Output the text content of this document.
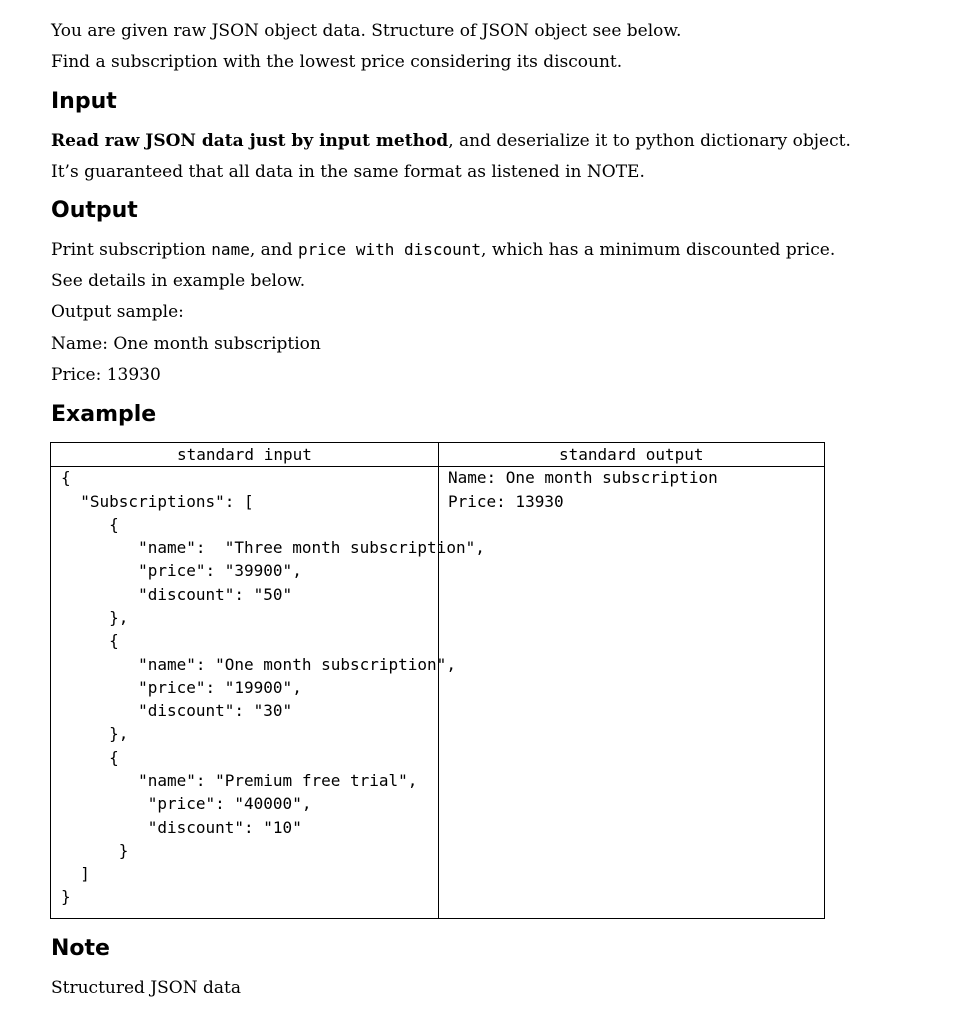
You are given raw JSON object data. Structure of JSON object see below.

Find a subscription with the lowest price considering its discount.

Input

Read raw JSON data just by input method, and deserialize it to python dictionary object.

It’s guaranteed that all data in the same format as listened in NOTE.

Output

Print subscription name, and price with discount, which has a minimum discounted price.

See details in example below.

Output sample:

Name: One month subscription

Price: 13930

Example
standard input	standard output
{
"Subscriptions": [
{
"name":  "Three month subscription",
"price": "39900",
"discount": "50"
},
{
"name": "One month subscription",
"price": "19900",
"discount": "30"
},
{
"name": "Premium free trial",
"price": "40000",
"discount": "10"
}
]
}
Name: One month subscription
Price: 13930
Note

Structured JSON data
